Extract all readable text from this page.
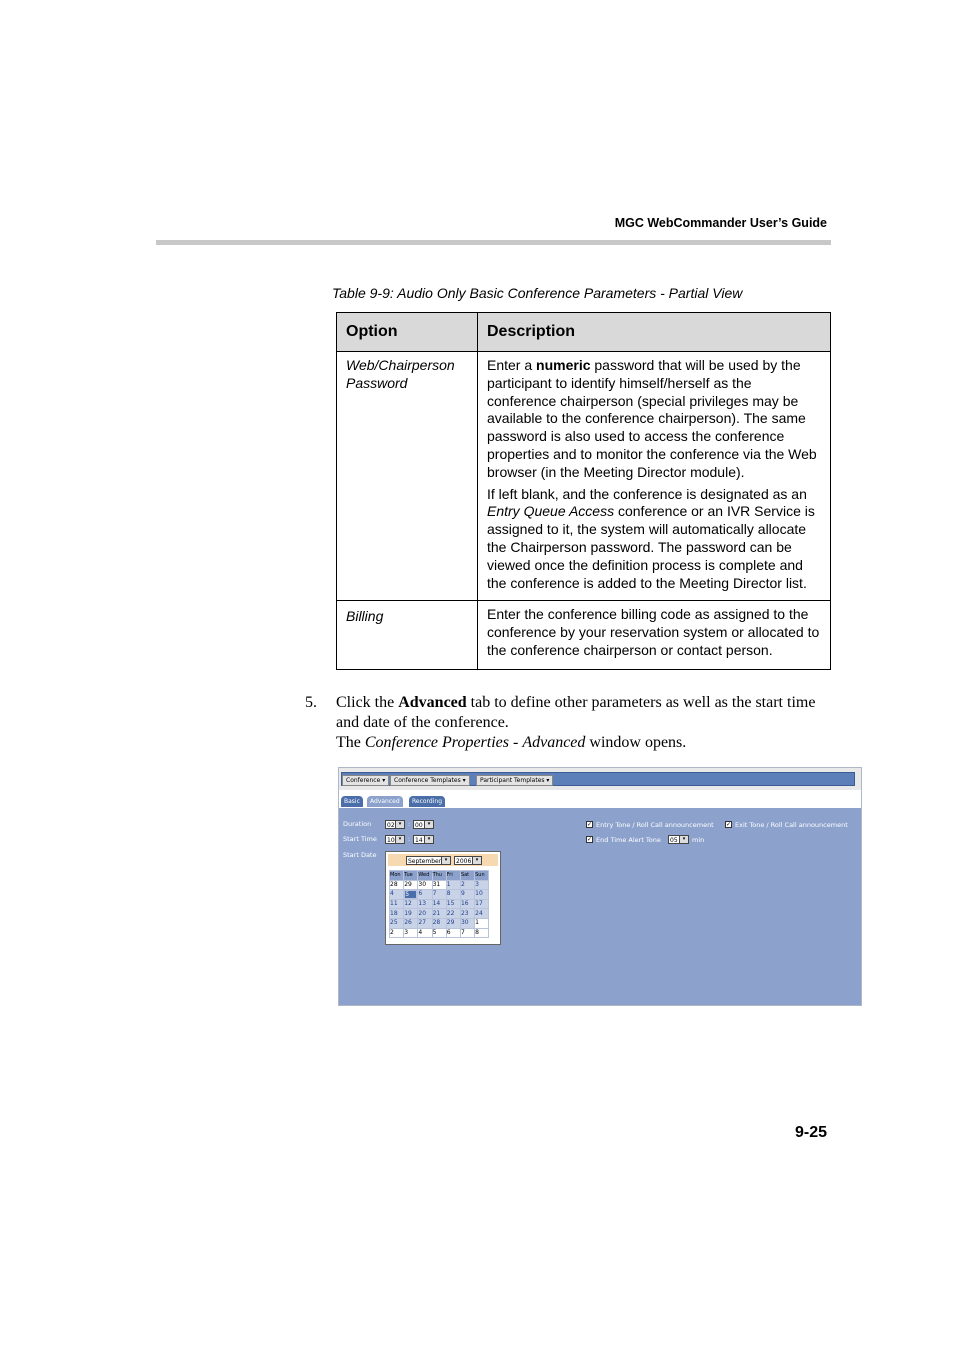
MGC WebCommander User’s Guide
Table 9-9: Audio Only Basic Conference Parameters - Partial View
Option	Description
Web/Chairperson Password	Enter a numeric password that will be used by the participant to identify himself/herself as the conference chairperson (special privileges may be available to the conference chairperson). The same password is also used to access the conference properties and to monitor the conference via the Web browser (in the Meeting Director module).

If left blank, and the conference is designated as an Entry Queue Access conference or an IVR Service is assigned to it, the system will automatically allocate the Chairperson password. The password can be viewed once the definition process is complete and the conference is added to the Meeting Director list.

Billing	Enter the conference billing code as assigned to the conference by your reservation system or allocated to the conference chairperson or contact person.

5. Click the Advanced tab to define other parameters as well as the start time and date of the conference.
The Conference Properties - Advanced window opens.
Conference ▾	Conference Templates ▾	Participant Templates ▾
Basic	Advanced	Recording
Duration	02 ▾	: 00	▾
Start Time	10 ▾	: 14	▾
Start Date
September ▾	2006 ▾
Mon	Tue	Wed	Thu	Fri	Sat	Sun
28	29	30	31	1	2	3
4	5	6	7	8	9	10
11	12	13	14	15	16	17
18	19	20	21	22	23	24
25	26	27	28	29	30	1
2	3	4	5	6	7	8
✓ Entry Tone / Roll Call announcement ✓ Exit Tone / Roll Call announcement
✓ End Time Alert Tone	05	▾	min
9-25
